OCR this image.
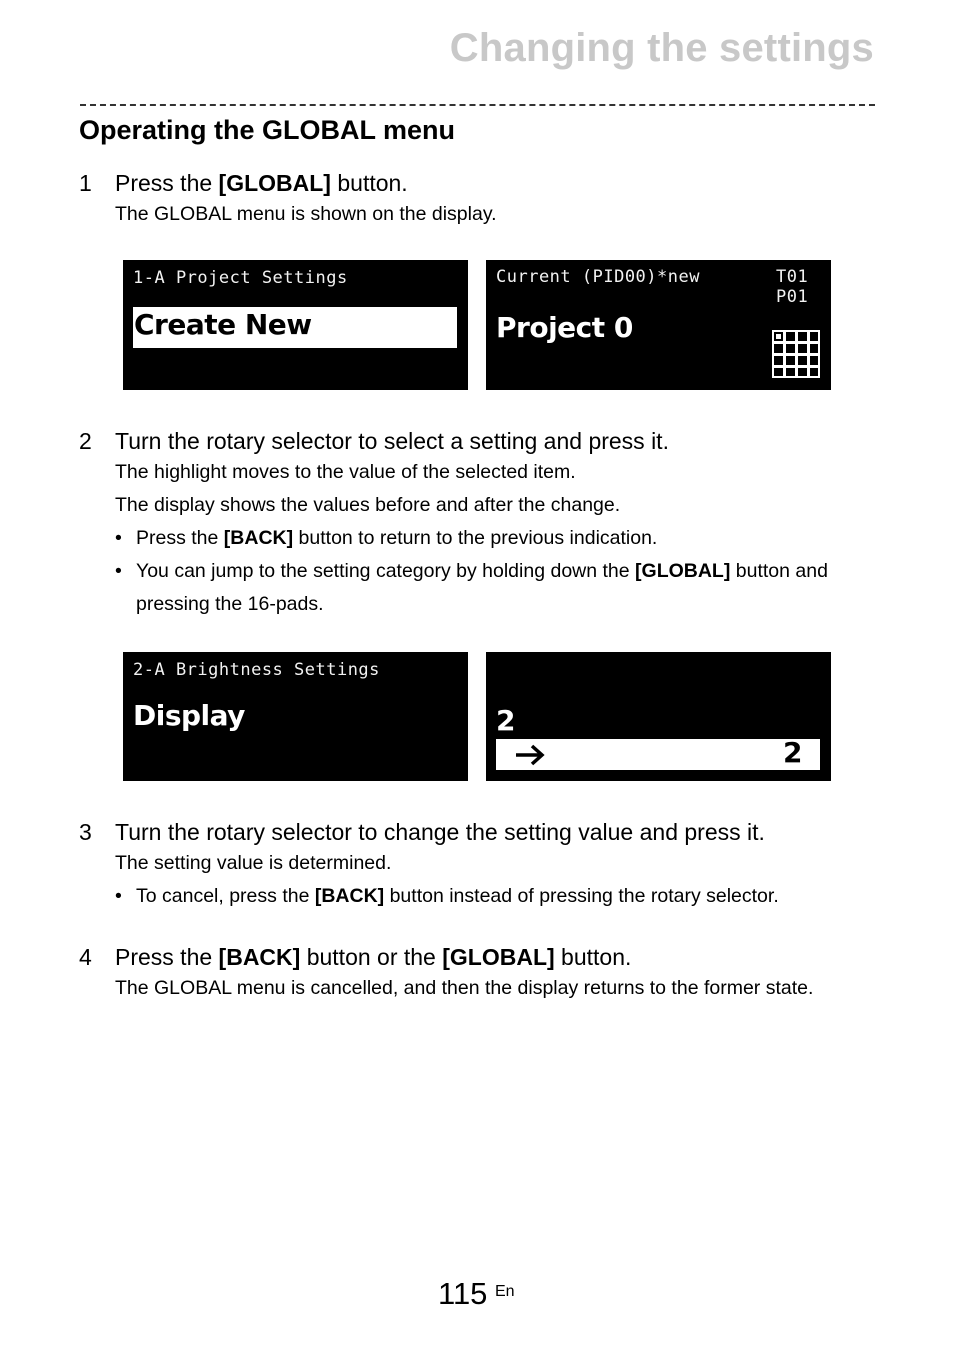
Changing the settings
Operating the GLOBAL menu
1	Press the [GLOBAL] button.
The GLOBAL menu is shown on the display.
1-A Project Settings
Create New
Current (PID00)*new	T01
P01
Project 0
2	Turn the rotary selector to select a setting and press it.
The highlight moves to the value of the selected item.
The display shows the values before and after the change.
• Press the [BACK] button to return to the previous indication.
• You can jump to the setting category by holding down the [GLOBAL] button and pressing the 16-pads.
2-A Brightness Settings
Display	2
2
3	Turn the rotary selector to change the setting value and press it.
The setting value is determined.
• To cancel, press the [BACK] button instead of pressing the rotary selector.
4	Press the [BACK] button or the [GLOBAL] button.
The GLOBAL menu is cancelled, and then the display returns to the former state.
115 En
